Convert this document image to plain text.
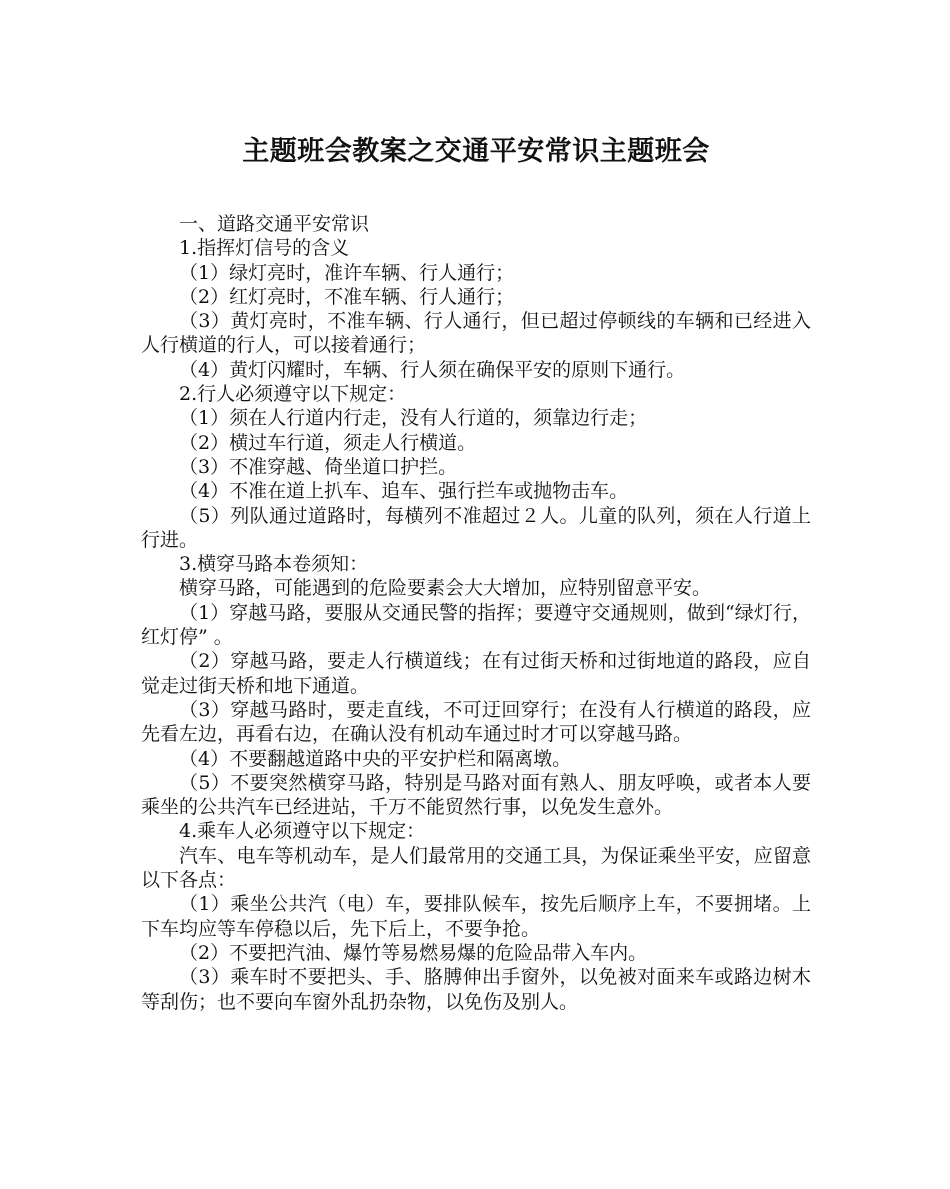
主题班会教案之交通平安常识主题班会

一、道路交通平安常识

1.指挥灯信号的含义

（1）绿灯亮时，准许车辆、行人通行；

（2）红灯亮时，不准车辆、行人通行；

（3）黄灯亮时，不准车辆、行人通行，但已超过停顿线的车辆和已经进入人行横道的行人，可以接着通行；

（4）黄灯闪耀时，车辆、行人须在确保平安的原则下通行。

2.行人必须遵守以下规定：

（1）须在人行道内行走，没有人行道的，须靠边行走；

（2）横过车行道，须走人行横道。

（3）不准穿越、倚坐道口护拦。

（4）不准在道上扒车、追车、强行拦车或抛物击车。

（5）列队通过道路时，每横列不准超过２人。儿童的队列，须在人行道上行进。

3.横穿马路本卷须知：

横穿马路，可能遇到的危险要素会大大增加，应特别留意平安。

（1）穿越马路，要服从交通民警的指挥；要遵守交通规则，做到“绿灯行，红灯停” 。

（2）穿越马路，要走人行横道线；在有过街天桥和过街地道的路段，应自觉走过街天桥和地下通道。

（3）穿越马路时，要走直线，不可迂回穿行；在没有人行横道的路段，应先看左边，再看右边，在确认没有机动车通过时才可以穿越马路。

（4）不要翻越道路中央的平安护栏和隔离墩。

（5）不要突然横穿马路，特别是马路对面有熟人、朋友呼唤，或者本人要乘坐的公共汽车已经进站，千万不能贸然行事，以免发生意外。

4.乘车人必须遵守以下规定：

汽车、电车等机动车，是人们最常用的交通工具，为保证乘坐平安，应留意以下各点：

（1）乘坐公共汽（电）车，要排队候车，按先后顺序上车，不要拥堵。上下车均应等车停稳以后，先下后上，不要争抢。

（2）不要把汽油、爆竹等易燃易爆的危险品带入车内。

（3）乘车时不要把头、手、胳膊伸出手窗外，以免被对面来车或路边树木等刮伤；也不要向车窗外乱扔杂物，以免伤及别人。
